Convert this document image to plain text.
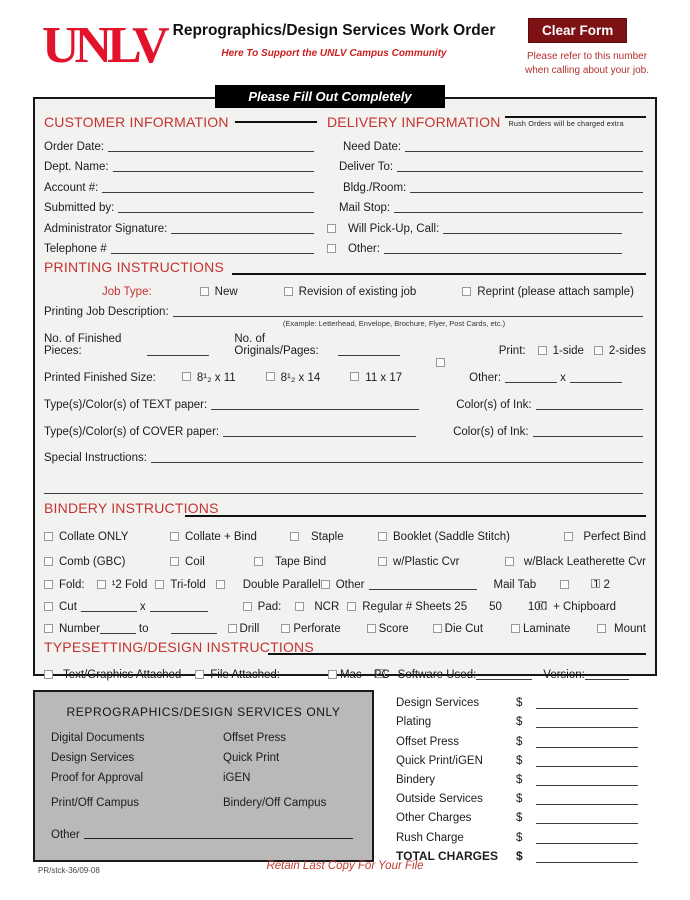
UNLV Reprographics/Design Services Work Order
Here To Support the UNLV Campus Community
Clear Form
Please refer to this number
when calling about your job.
Please Fill Out Completely
CUSTOMER INFORMATION
Order Date:
Dept. Name:
Account #:
Submitted by:
Administrator Signature:
Telephone #
DELIVERY INFORMATION	Rush Orders will be charged extra
Need Date:
Deliver To:
Bldg./Room:
Mail Stop:
Will Pick-Up, Call:
Other:
PRINTING INSTRUCTIONS
Job Type:	New	Revision of existing job	Reprint (please attach sample)
Printing Job Description:
(Example: Letterhead, Envelope, Brochure, Flyer, Post Cards, etc.)
No. of Finished Pieces:
No. of Originals/Pages:	Print: 1-side 2-sides
Printed Finished Size:	8¹₂ x 11	8¹₂ x 14	11 x 17	Other:	x
Type(s)/Color(s) of TEXT paper:	Color(s) of Ink:
Type(s)/Color(s) of COVER paper:	Color(s) of Ink:
Special Instructions:
BINDERY INSTRUCTIONS
Collate ONLY	Collate + Bind	Staple	Booklet (Saddle Stitch)	Perfect Bind
Comb (GBC)	Coil	Tape Bind	w/Plastic Cvr	w/Black Leatherette Cvr
Fold: ¹2 Fold Tri-fold	Double Parallel Other	Mail Tab	1 2
Cut	x	Pad:	NCR Regular # Sheets 25 50 100 + Chipboard
Number	to	Drill	Perforate	Score	Die Cut	Laminate	Mount
TYPESETTING/DESIGN INSTRUCTIONS
Text/Graphics Attached	File Attached:	Mac PC Software Used:	Version:
REPROGRAPHICS/DESIGN SERVICES ONLY
Digital Documents	Offset Press
Design Services	Quick Print
Proof for Approval	iGEN
Print/Off Campus	Bindery/Off Campus
Other
Design Services	$
Plating	$
Offset Press	$
Quick Print/iGEN	$
Bindery	$
Outside Services	$
Other Charges	$
Rush Charge	$
TOTAL CHARGES	$
PR/stck-36/09-08	Retain Last Copy For Your File
